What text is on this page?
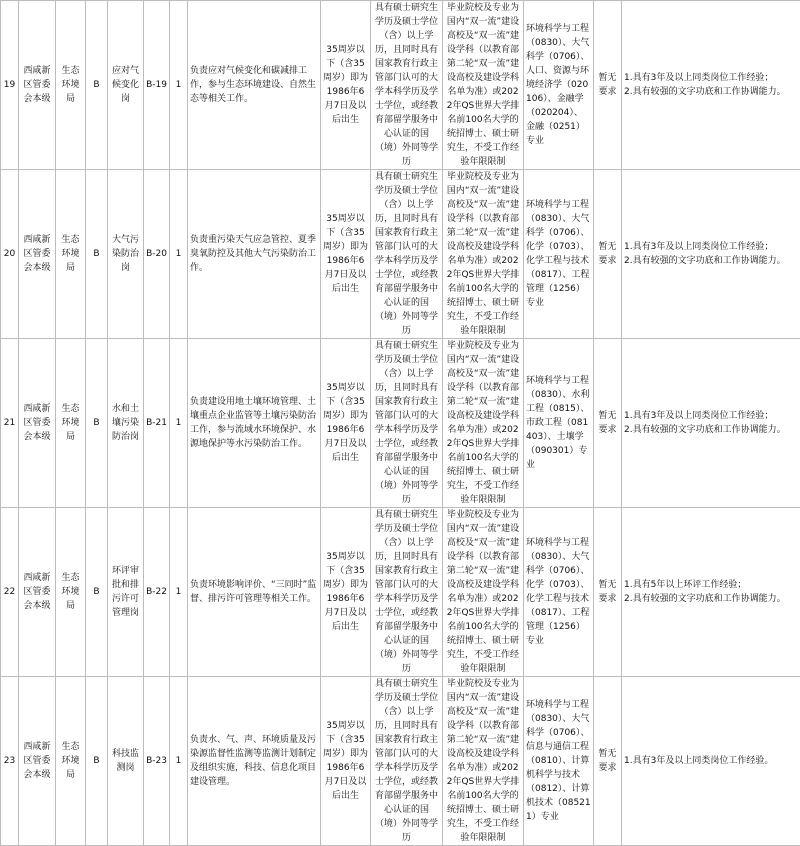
19	西咸新区管委会本级	生态环境局	B	应对气候变化岗	B-19	1	负责应对气候变化和碳减排工作，参与生态环境建设、自然生态等相关工作。	35周岁以下（含35周岁）即为1986年6月7日及以后出生	具有硕士研究生学历及硕士学位（含）以上学历，且同时具有国家教育行政主管部门认可的大学本科学历及学士学位，或经教育部留学服务中心认证的国（境）外同等学历	毕业院校及专业为国内“双一流”建设高校及“双一流”建设学科（以教育部第二轮“双一流”建设高校及建设学科名单为准）或2022年QS世界大学排名前100名大学的统招博士、硕士研究生，不受工作经验年限限制	环境科学与工程（0830）、大气科学（0706）、人口、资源与环境经济学（020106）、金融学（020204）、金融（0251）专业	暂无要求	1.具有3年及以上同类岗位工作经验；
2.具有较强的文字功底和工作协调能力。

20	西咸新区管委会本级	生态环境局	B	大气污染防治岗	B-20	1	负责重污染天气应急管控、夏季臭氧防控及其他大气污染防治工作。	35周岁以下（含35周岁）即为1986年6月7日及以后出生	具有硕士研究生学历及硕士学位（含）以上学历，且同时具有国家教育行政主管部门认可的大学本科学历及学士学位，或经教育部留学服务中心认证的国（境）外同等学历	毕业院校及专业为国内“双一流”建设高校及“双一流”建设学科（以教育部第二轮“双一流”建设高校及建设学科名单为准）或2022年QS世界大学排名前100名大学的统招博士、硕士研究生，不受工作经验年限限制	环境科学与工程（0830）、大气科学（0706）、化学（0703）、化学工程与技术（0817）、工程管理（1256）专业	暂无要求	1.具有3年及以上同类岗位工作经验；
2.具有较强的文字功底和工作协调能力。

21	西咸新区管委会本级	生态环境局	B	水和土壤污染防治岗	B-21	1	负责建设用地土壤环境管理、土壤重点企业监管等土壤污染防治工作，参与流域水环境保护、水源地保护等水污染防治工作。	35周岁以下（含35周岁）即为1986年6月7日及以后出生	具有硕士研究生学历及硕士学位（含）以上学历，且同时具有国家教育行政主管部门认可的大学本科学历及学士学位，或经教育部留学服务中心认证的国（境）外同等学历	毕业院校及专业为国内“双一流”建设高校及“双一流”建设学科（以教育部第二轮“双一流”建设高校及建设学科名单为准）或2022年QS世界大学排名前100名大学的统招博士、硕士研究生，不受工作经验年限限制	环境科学与工程（0830）、水利工程（0815）、市政工程（081403）、土壤学（090301）专业	暂无要求	1.具有3年及以上同类岗位工作经验；
2.具有较强的文字功底和工作协调能力。

22	西咸新区管委会本级	生态环境局	B	环评审批和排污许可管理岗	B-22	1	负责环境影响评价、“三同时”监督、排污许可管理等相关工作。	35周岁以下（含35周岁）即为1986年6月7日及以后出生	具有硕士研究生学历及硕士学位（含）以上学历，且同时具有国家教育行政主管部门认可的大学本科学历及学士学位，或经教育部留学服务中心认证的国（境）外同等学历	毕业院校及专业为国内“双一流”建设高校及“双一流”建设学科（以教育部第二轮“双一流”建设高校及建设学科名单为准）或2022年QS世界大学排名前100名大学的统招博士、硕士研究生，不受工作经验年限限制	环境科学与工程（0830）、大气科学（0706）、化学（0703）、化学工程与技术（0817）、工程管理（1256）专业	暂无要求	1.具有5年以上环评工作经验；
2.具有较强的文字功底和工作协调能力。

23	西咸新区管委会本级	生态环境局	B	科技监测岗	B-23	1	负责水、气、声、环境质量及污染源监督性监测等监测计划制定及组织实施，科技、信息化项目建设管理。	35周岁以下（含35周岁）即为1986年6月7日及以后出生	具有硕士研究生学历及硕士学位（含）以上学历，且同时具有国家教育行政主管部门认可的大学本科学历及学士学位，或经教育部留学服务中心认证的国（境）外同等学历	毕业院校及专业为国内“双一流”建设高校及“双一流”建设学科（以教育部第二轮“双一流”建设高校及建设学科名单为准）或2022年QS世界大学排名前100名大学的统招博士、硕士研究生，不受工作经验年限限制	环境科学与工程（0830）、大气科学（0706）、信息与通信工程（0810）、计算机科学与技术（0812）、计算机技术（085211）专业	暂无要求	1.具有3年及以上同类岗位工作经验。
